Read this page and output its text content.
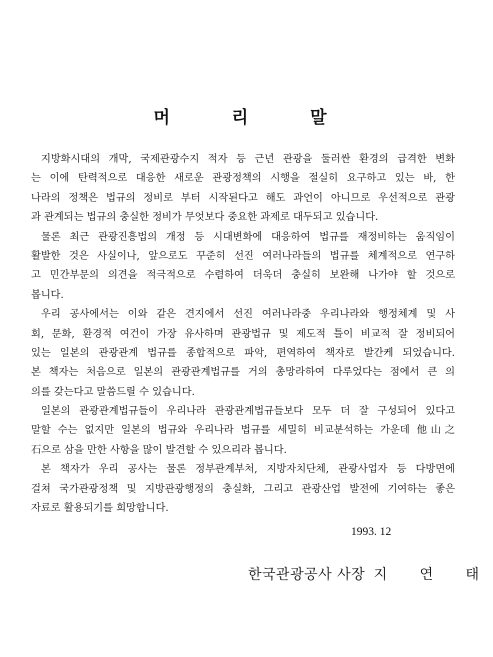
머 리 말
지방화시대의 개막, 국제관광수지 적자 등 근년 관광을 둘러싼 환경의 급격한 변화
는 이에 탄력적으로 대응한 새로운 관광정책의 시행을 절실히 요구하고 있는 바, 한
나라의 정책은 법규의 정비로 부터 시작된다고 해도 과언이 아니므로 우선적으로 관광
과 관계되는 법규의 충실한 정비가 무엇보다 중요한 과제로 대두되고 있습니다.
물론 최근 관광진흥법의 개정 등 시대변화에 대응하여 법규를 재정비하는 움직임이
활발한 것은 사실이나, 앞으로도 꾸준히 선진 여러나라들의 법규를 체계적으로 연구하
고 민간부문의 의견을 적극적으로 수렴하여 더욱더 충실히 보완해 나가야 할 것으로
봅니다.
우리 공사에서는 이와 같은 견지에서 선진 여러나라중 우리나라와 행정체계 및 사
회, 문화, 환경적 여건이 가장 유사하며 관광법규 및 제도적 틀이 비교적 잘 정비되어
있는 일본의 관광관계 법규를 종합적으로 파악, 편역하여 책자로 발간케 되었습니다.
본 책자는 처음으로 일본의 관광관계법규를 거의 총망라하여 다루었다는 점에서 큰 의
의를 갖는다고 말씀드릴 수 있습니다.
일본의 관광관계법규들이 우리나라 관광관계법규들보다 모두 더 잘 구성되어 있다고
말할 수는 없지만 일본의 법규와 우리나라 법규를 세밀히 비교분석하는 가운데 他山之
石으로 삼을 만한 사항을 많이 발견할 수 있으리라 봅니다.
본 책자가 우리 공사는 물론 정부관계부처, 지방자치단체, 관광사업자 등 다방면에
걸쳐 국가관광정책 및 지방관광행정의 충실화, 그리고 관광산업 발전에 기여하는 좋은
자료로 활용되기를 희망합니다.
1993. 12
한국관광공사 사장 지 연 태
